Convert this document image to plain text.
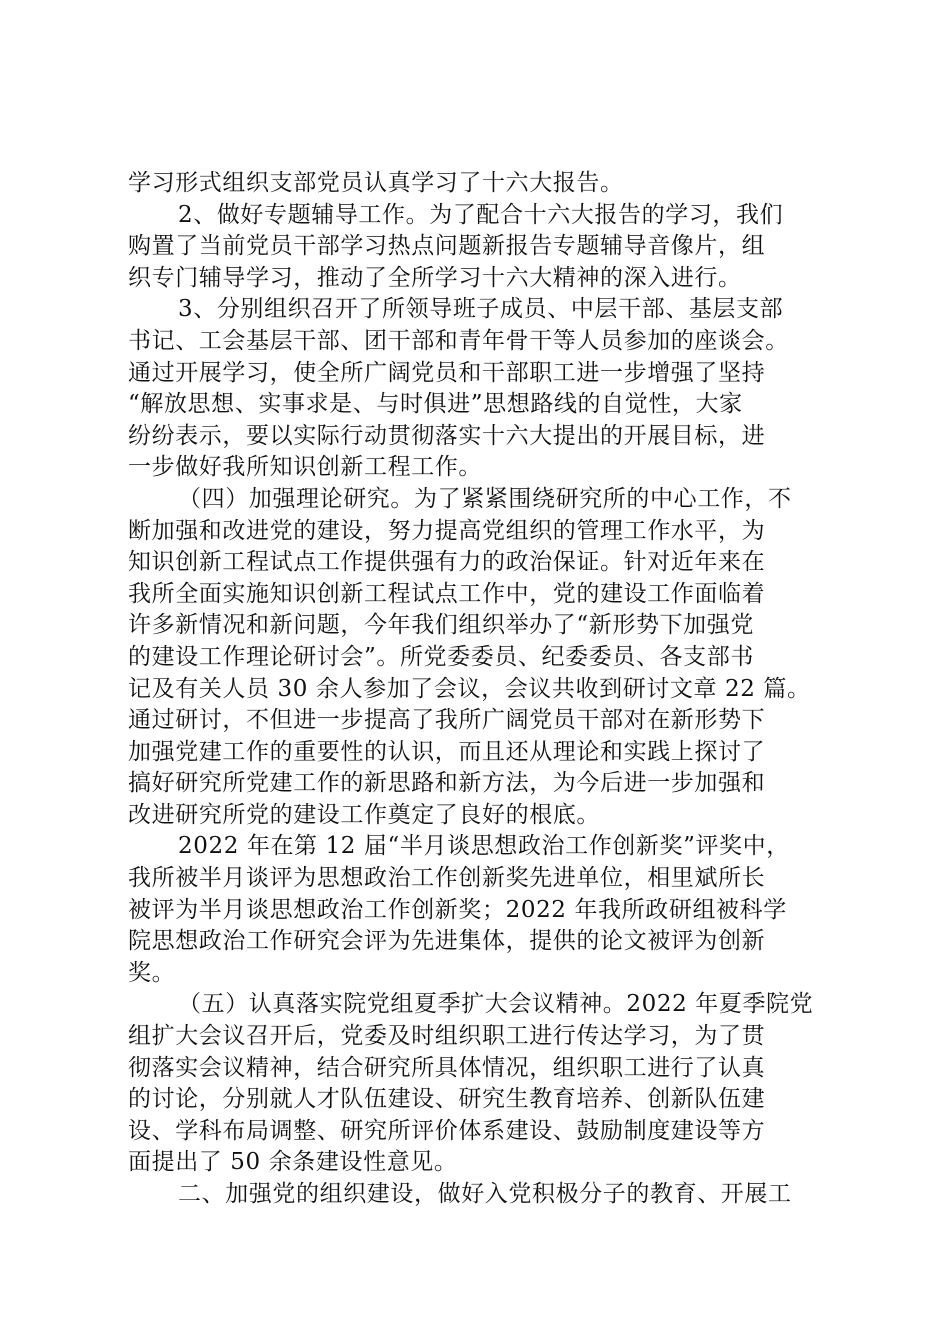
学习形式组织支部党员认真学习了十六大报告。
2、做好专题辅导工作。为了配合十六大报告的学习，我们
购置了当前党员干部学习热点问题新报告专题辅导音像片，组
织专门辅导学习，推动了全所学习十六大精神的深入进行。
3、分别组织召开了所领导班子成员、中层干部、基层支部
书记、工会基层干部、团干部和青年骨干等人员参加的座谈会。
通过开展学习，使全所广阔党员和干部职工进一步增强了坚持
“解放思想、实事求是、与时俱进”思想路线的自觉性，大家
纷纷表示，要以实际行动贯彻落实十六大提出的开展目标，进
一步做好我所知识创新工程工作。
（四）加强理论研究。为了紧紧围绕研究所的中心工作，不
断加强和改进党的建设，努力提高党组织的管理工作水平，为
知识创新工程试点工作提供强有力的政治保证。针对近年来在
我所全面实施知识创新工程试点工作中，党的建设工作面临着
许多新情况和新问题，今年我们组织举办了“新形势下加强党
的建设工作理论研讨会”。所党委委员、纪委委员、各支部书
记及有关人员 30 余人参加了会议，会议共收到研讨文章 22 篇。
通过研讨，不但进一步提高了我所广阔党员干部对在新形势下
加强党建工作的重要性的认识，而且还从理论和实践上探讨了
搞好研究所党建工作的新思路和新方法，为今后进一步加强和
改进研究所党的建设工作奠定了良好的根底。
2022 年在第 12 届“半月谈思想政治工作创新奖”评奖中，
我所被半月谈评为思想政治工作创新奖先进单位，相里斌所长
被评为半月谈思想政治工作创新奖；2022 年我所政研组被科学
院思想政治工作研究会评为先进集体，提供的论文被评为创新
奖。
（五）认真落实院党组夏季扩大会议精神。2022 年夏季院党
组扩大会议召开后，党委及时组织职工进行传达学习，为了贯
彻落实会议精神，结合研究所具体情况，组织职工进行了认真
的讨论，分别就人才队伍建设、研究生教育培养、创新队伍建
设、学科布局调整、研究所评价体系建设、鼓励制度建设等方
面提出了 50 余条建设性意见。
二、加强党的组织建设，做好入党积极分子的教育、开展工
